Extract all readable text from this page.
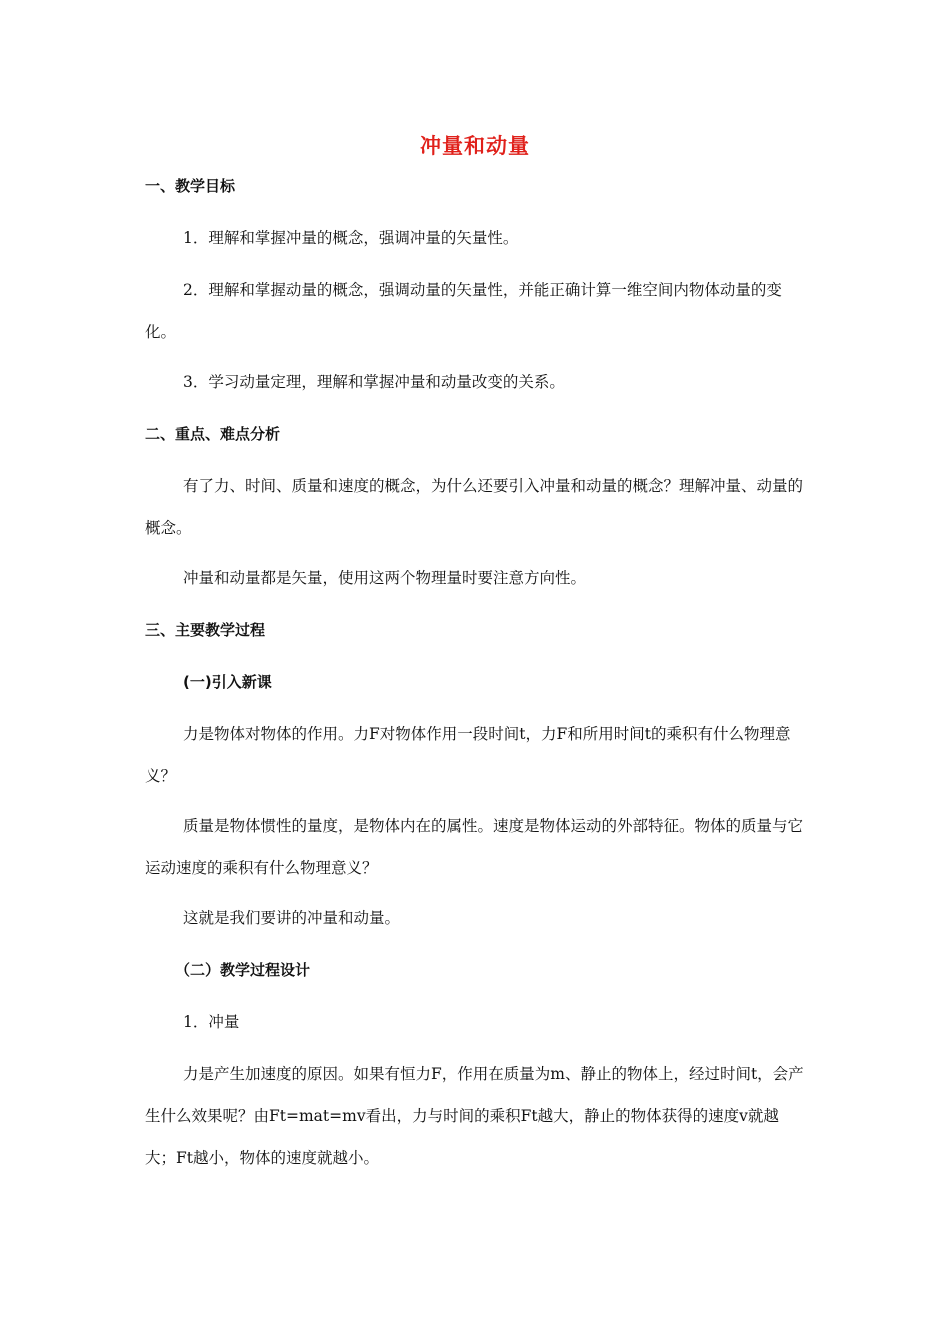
冲量和动量

一、教学目标

1．理解和掌握冲量的概念，强调冲量的矢量性。

2．理解和掌握动量的概念，强调动量的矢量性，并能正确计算一维空间内物体动量的变化。

3．学习动量定理，理解和掌握冲量和动量改变的关系。

二、重点、难点分析

有了力、时间、质量和速度的概念，为什么还要引入冲量和动量的概念？理解冲量、动量的概念。

冲量和动量都是矢量，使用这两个物理量时要注意方向性。

三、主要教学过程

(一)引入新课

力是物体对物体的作用。力F对物体作用一段时间t，力F和所用时间t的乘积有什么物理意义？

质量是物体惯性的量度，是物体内在的属性。速度是物体运动的外部特征。物体的质量与它运动速度的乘积有什么物理意义？

这就是我们要讲的冲量和动量。

（二）教学过程设计

1．冲量

力是产生加速度的原因。如果有恒力F，作用在质量为m、静止的物体上，经过时间t，会产生什么效果呢？由Ft=mat=mv看出，力与时间的乘积Ft越大，静止的物体获得的速度v就越大；Ft越小，物体的速度就越小。
